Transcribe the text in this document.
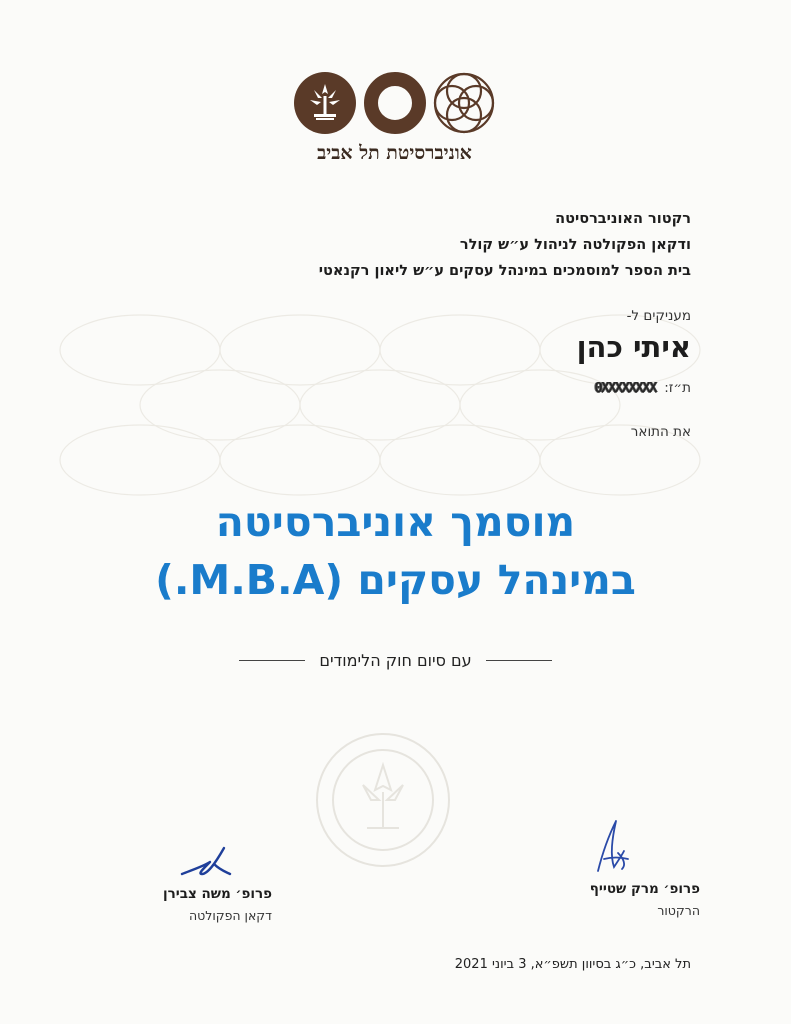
אוניברסיטת תל אביב
רקטור האוניברסיטה
ודקאן הפקולטה לניהול ע״ש קולר
בית הספר למוסמכים במינהל עסקים ע״ש ליאון רקנאטי
מעניקים ל-
איתי כהן
ת״ז: 0XXXXXXXX
את התואר
מוסמך אוניברסיטה
במינהל עסקים (M.B.A.)
עם סיום חוק הלימודים
פרופ׳ משה צבירן
דקאן הפקולטה
פרופ׳ מרק שטייף
הרקטור
תל אביב, כ״ג בסיוון תשפ״א, 3 ביוני 2021
